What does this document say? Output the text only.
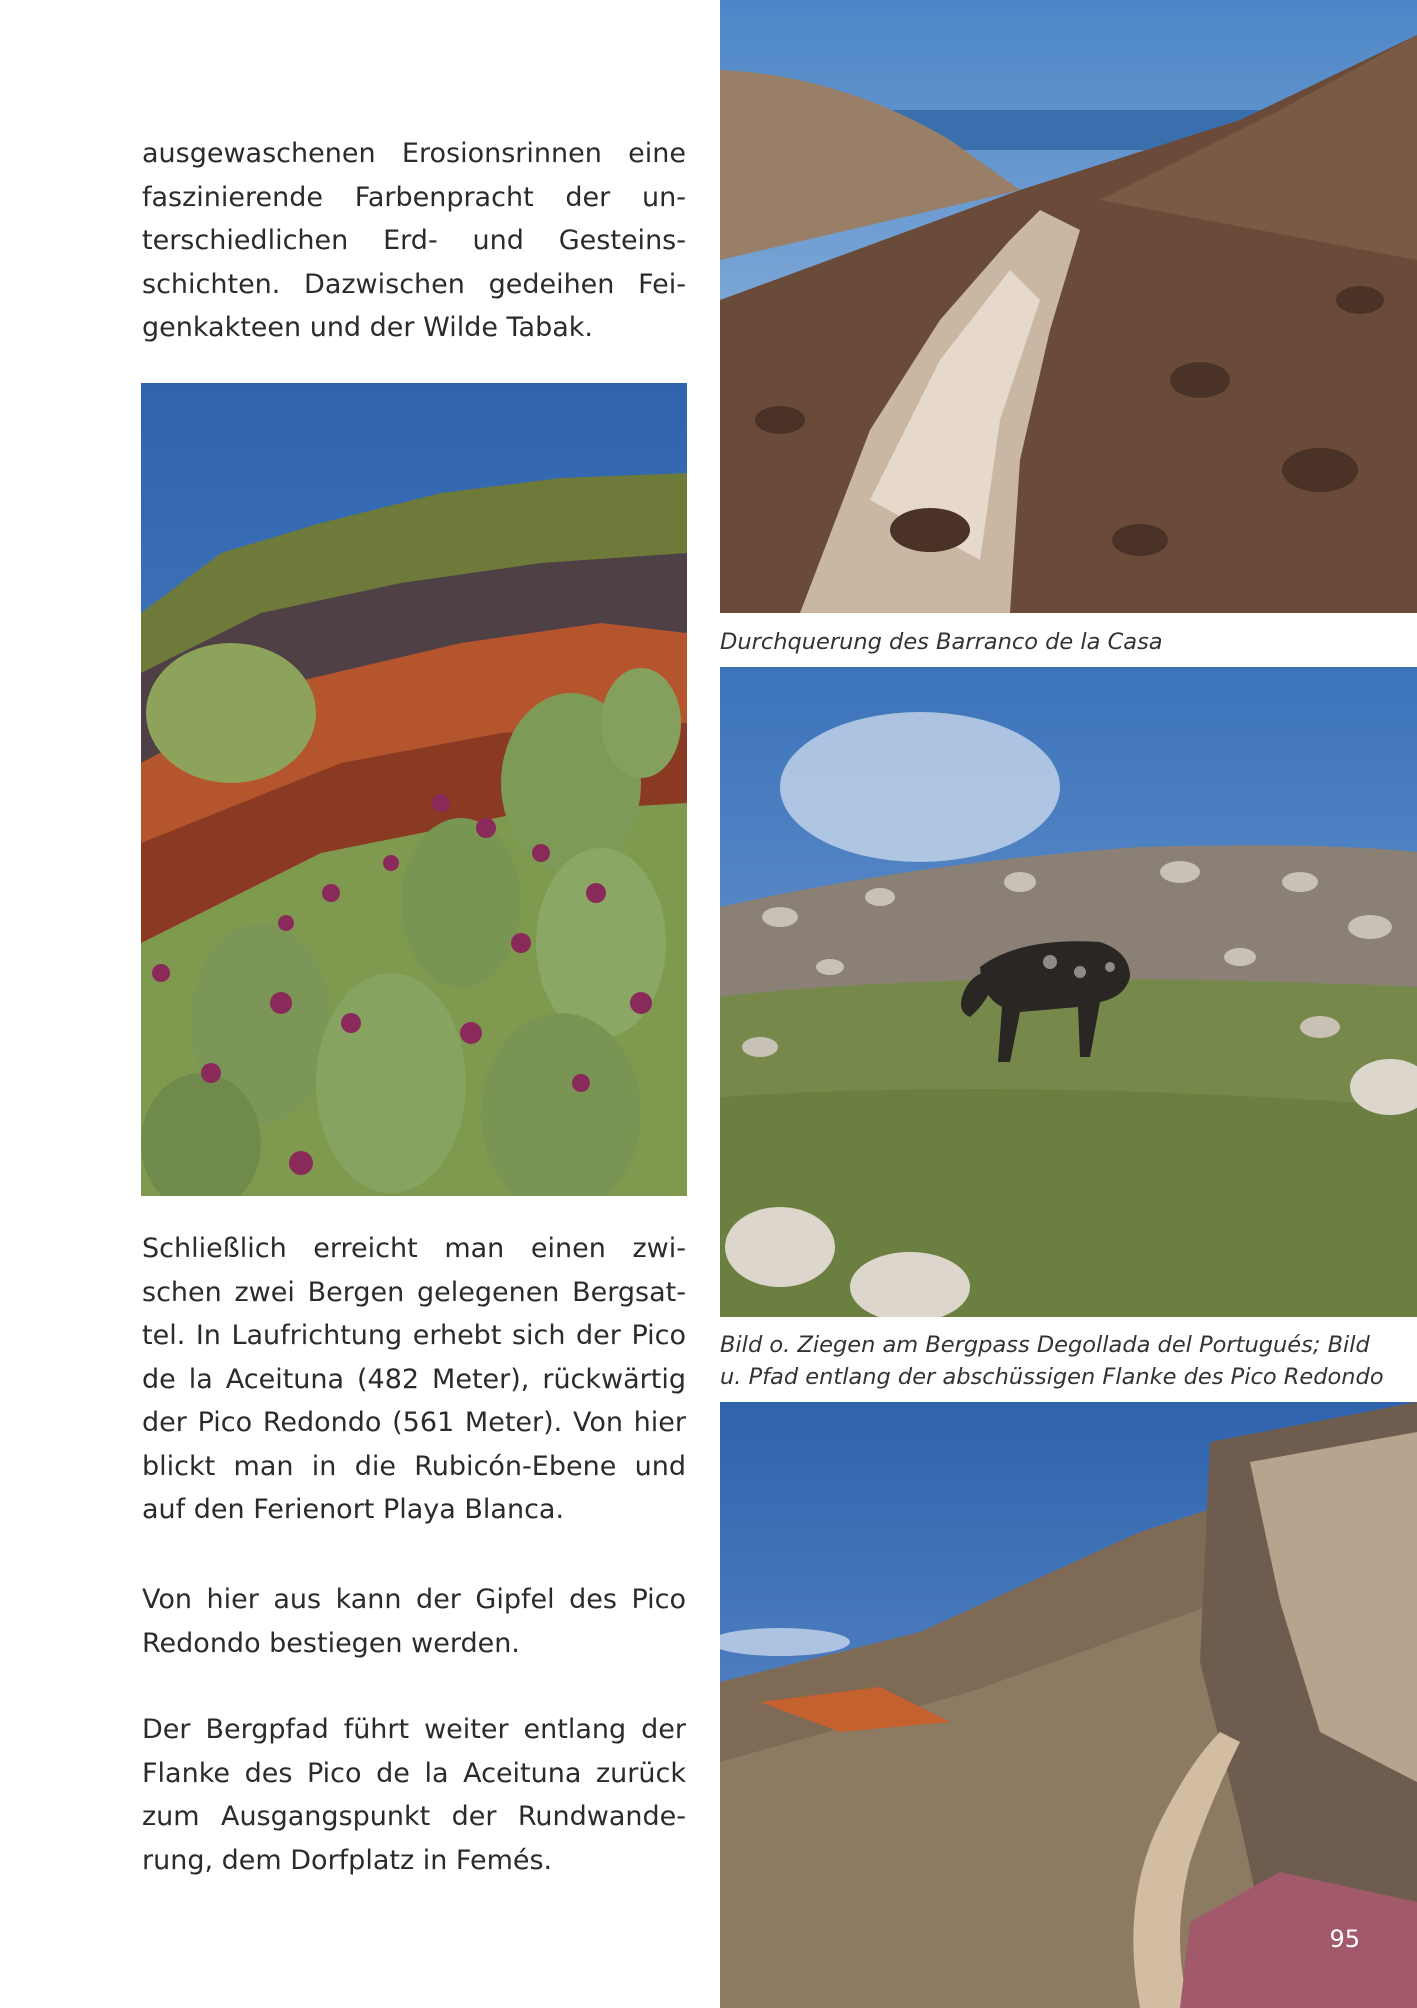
ausgewaschenen Erosionsrinnen eine
faszinierende Farbenpracht der un-
terschiedlichen Erd- und Gesteins-
schichten. Dazwischen gedeihen Fei-
genkakteen und der Wilde Tabak.

Schließlich erreicht man einen zwi-
schen zwei Bergen gelegenen Bergsat-
tel. In Laufrichtung erhebt sich der Pico
de la Aceituna (482 Meter), rückwärtig
der Pico Redondo (561 Meter). Von hier
blickt man in die Rubicón-Ebene und
auf den Ferienort Playa Blanca.

Von hier aus kann der Gipfel des Pico
Redondo bestiegen werden.

Der Bergpfad führt weiter entlang der
Flanke des Pico de la Aceituna zurück
zum Ausgangspunkt der Rundwande-
rung, dem Dorfplatz in Femés.

Durchquerung des Barranco de la Casa
Bild o. Ziegen am Bergpass Degollada del Portugués; Bild
u. Pfad entlang der abschüssigen Flanke des Pico Redondo
95
